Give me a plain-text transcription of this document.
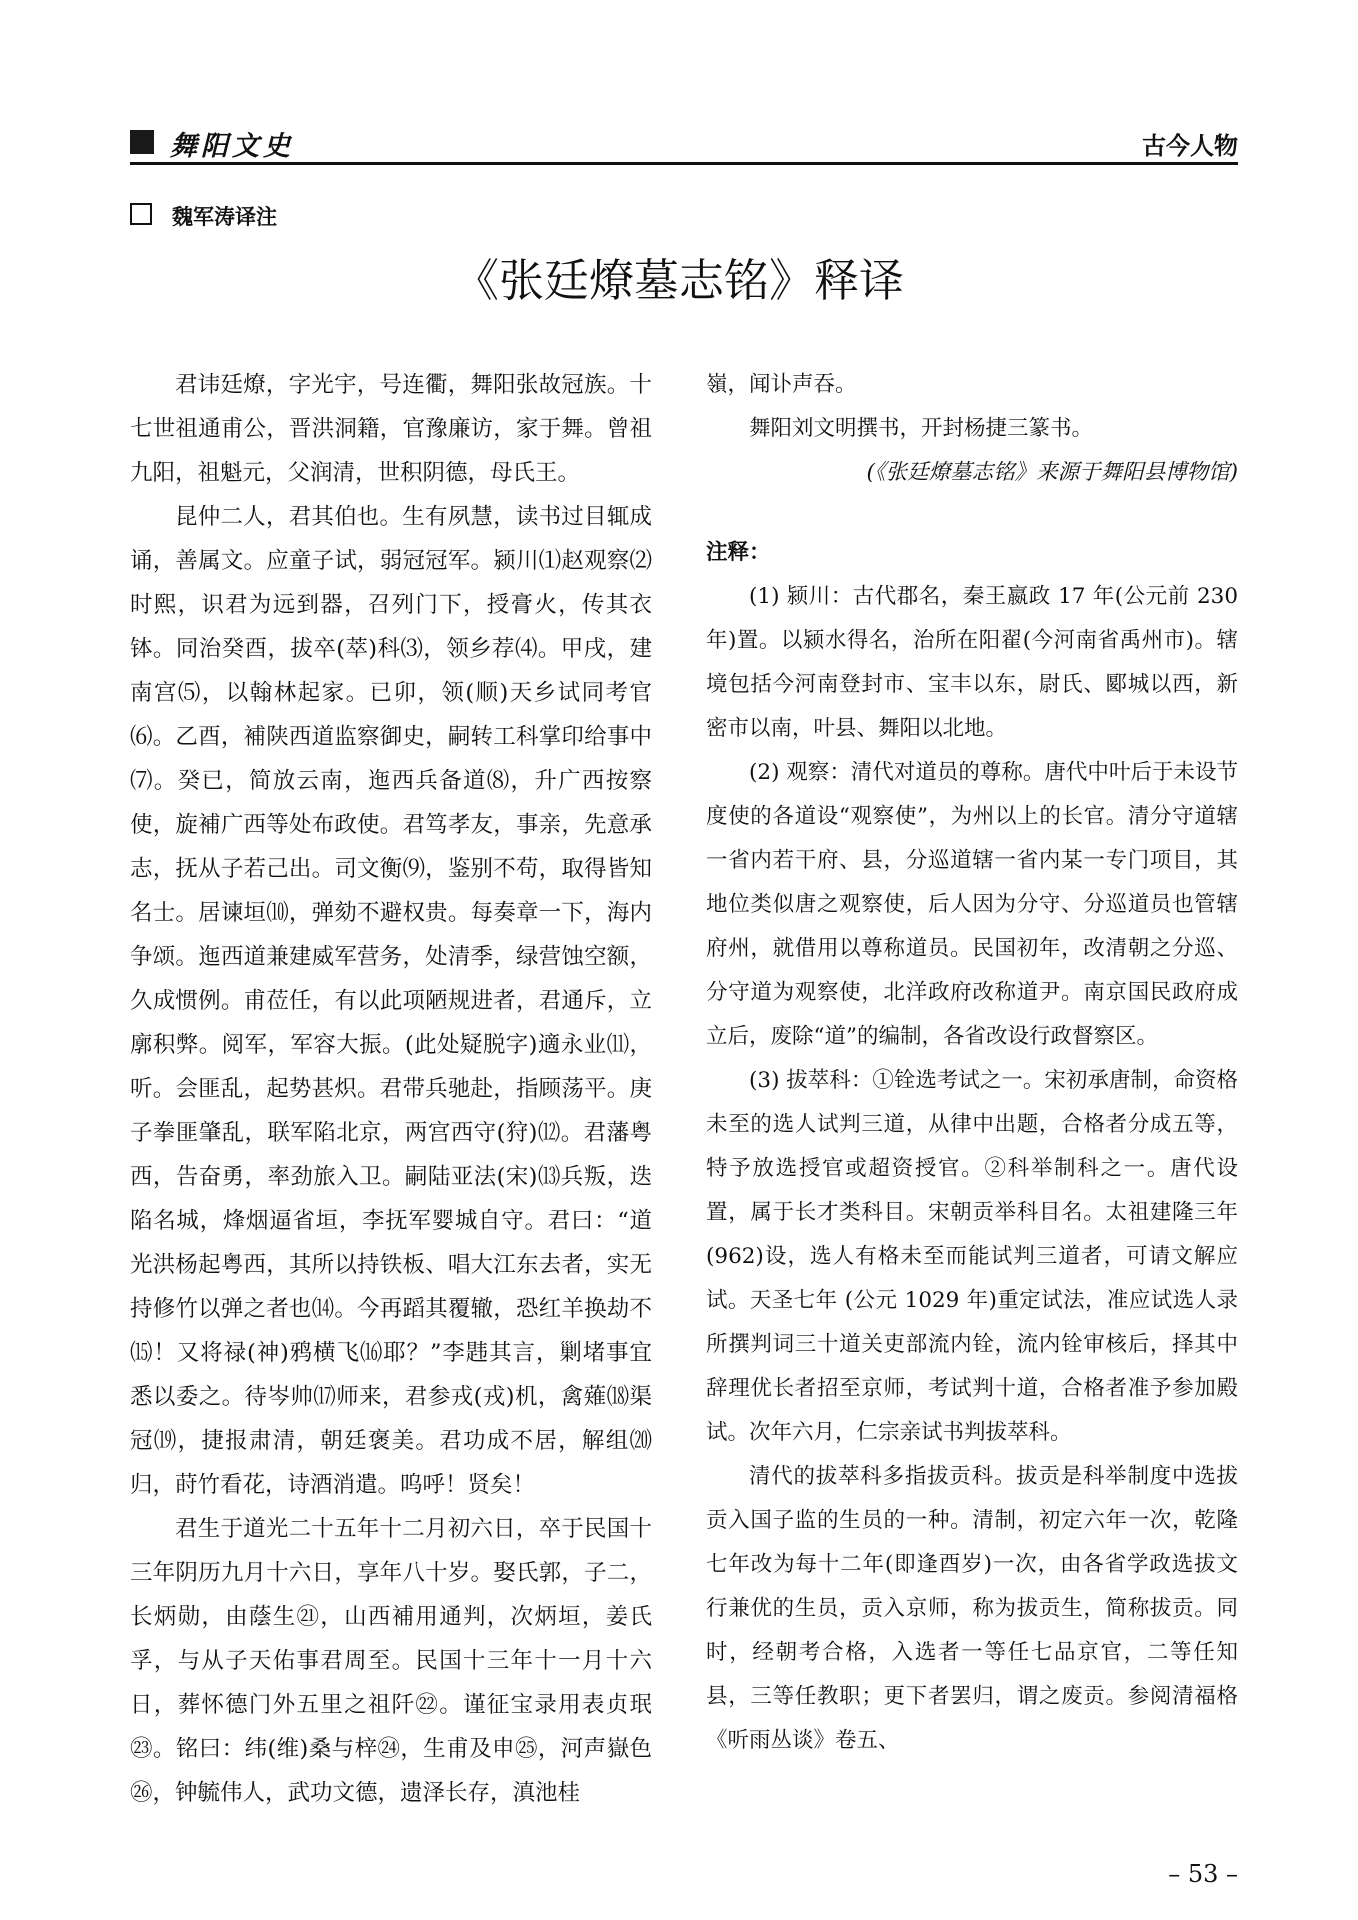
舞阳文史	古今人物
魏军涛译注
《张廷燎墓志铭》释译

君讳廷燎，字光宇，号连衢，舞阳张故冠族。十七世祖通甫公，晋洪洞籍，官豫廉访，家于舞。曾祖九阳，祖魁元，父润清，世积阴德，母氏王。

昆仲二人，君其伯也。生有夙慧，读书过目辄成诵，善属文。应童子试，弱冠冠军。颍川⑴赵观察⑵时熙，识君为远到器，召列门下，授膏火，传其衣钵。同治癸酉，拔卒(萃)科⑶，领乡荐⑷。甲戌，建南宫⑸，以翰林起家。已卯，领(顺)天乡试同考官⑹。乙酉，補陕西道监察御史，嗣转工科掌印给事中⑺。癸已，简放云南，迤西兵备道⑻，升广西按察使，旋補广西等处布政使。君笃孝友，事亲，先意承志，抚从子若己出。司文衡⑼，鉴别不苟，取得皆知名士。居谏垣⑽，弹劾不避权贵。每奏章一下，海内争颂。迤西道兼建威军营务，处清季，绿营蚀空额，久成惯例。甫莅任，有以此项陋规进者，君通斥，立廓积弊。阅军，军容大振。(此处疑脱字)適永业⑾，听。会匪乱，起势甚炽。君带兵驰赴，指顾荡平。庚子拳匪肇乱，联军陷北京，两宫西守(狩)⑿。君藩粤西，告奋勇，率劲旅入卫。嗣陆亚法(宋)⒀兵叛，迭陷名城，烽烟逼省垣，李抚军婴城自守。君曰：“道光洪杨起粤西，其所以持铁板、唱大江东去者，实无持修竹以弹之者也⒁。今再蹈其覆辙，恐红羊换劫不⒂！又将禄(神)鸦横飞⒃耶？”李韪其言，剿堵事宜悉以委之。待岑帅⒄师来，君参戎(戎)机，禽薙⒅渠冠⒆，捷报肃清，朝廷褒美。君功成不居，解组⒇归，莳竹看花，诗酒消遣。呜呼！贤矣！

君生于道光二十五年十二月初六日，卒于民国十三年阴历九月十六日，享年八十岁。娶氏郭，子二，长炳勋，由蔭生㉑，山西補用通判，次炳垣，姜氏孚，与从子天佑事君周至。民国十三年十一月十六日，葬怀德门外五里之祖阡㉒。谨征宝录用表贞珉㉓。铭曰：纬(维)桑与梓㉔，生甫及申㉕，河声嶽色㉖，钟毓伟人，武功文德，遗泽长存，滇池桂

嶺，闻讣声吞。

舞阳刘文明撰书，开封杨捷三篆书。

(《张廷燎墓志铭》来源于舞阳县博物馆)

注释：

(1) 颍川：古代郡名，秦王嬴政 17 年(公元前 230 年)置。以颍水得名，治所在阳翟(今河南省禹州市)。辖境包括今河南登封市、宝丰以东，尉氏、郾城以西，新密市以南，叶县、舞阳以北地。

(2) 观察：清代对道员的尊称。唐代中叶后于未设节度使的各道设“观察使”，为州以上的长官。清分守道辖一省内若干府、县，分巡道辖一省内某一专门项目，其地位类似唐之观察使，后人因为分守、分巡道员也管辖府州，就借用以尊称道员。民国初年，改清朝之分巡、分守道为观察使，北洋政府改称道尹。南京国民政府成立后，废除“道”的编制，各省改设行政督察区。

(3) 拔萃科：①铨选考试之一。宋初承唐制，命资格未至的选人试判三道，从律中出题，合格者分成五等，特予放选授官或超资授官。②科举制科之一。唐代设置，属于长才类科目。宋朝贡举科目名。太祖建隆三年(962)设，选人有格未至而能试判三道者，可请文解应试。天圣七年 (公元 1029 年)重定试法，准应试选人录所撰判词三十道关吏部流内铨，流内铨审核后，择其中辞理优长者招至京师，考试判十道，合格者准予参加殿试。次年六月，仁宗亲试书判拔萃科。

清代的拔萃科多指拔贡科。拔贡是科举制度中选拔贡入国子监的生员的一种。清制，初定六年一次，乾隆七年改为每十二年(即逢酉岁)一次，由各省学政选拔文行兼优的生员，贡入京师，称为拔贡生，简称拔贡。同时，经朝考合格，入选者一等任七品京官，二等任知县，三等任教职；更下者罢归，谓之废贡。参阅清福格《听雨丛谈》卷五、

– 53 –
